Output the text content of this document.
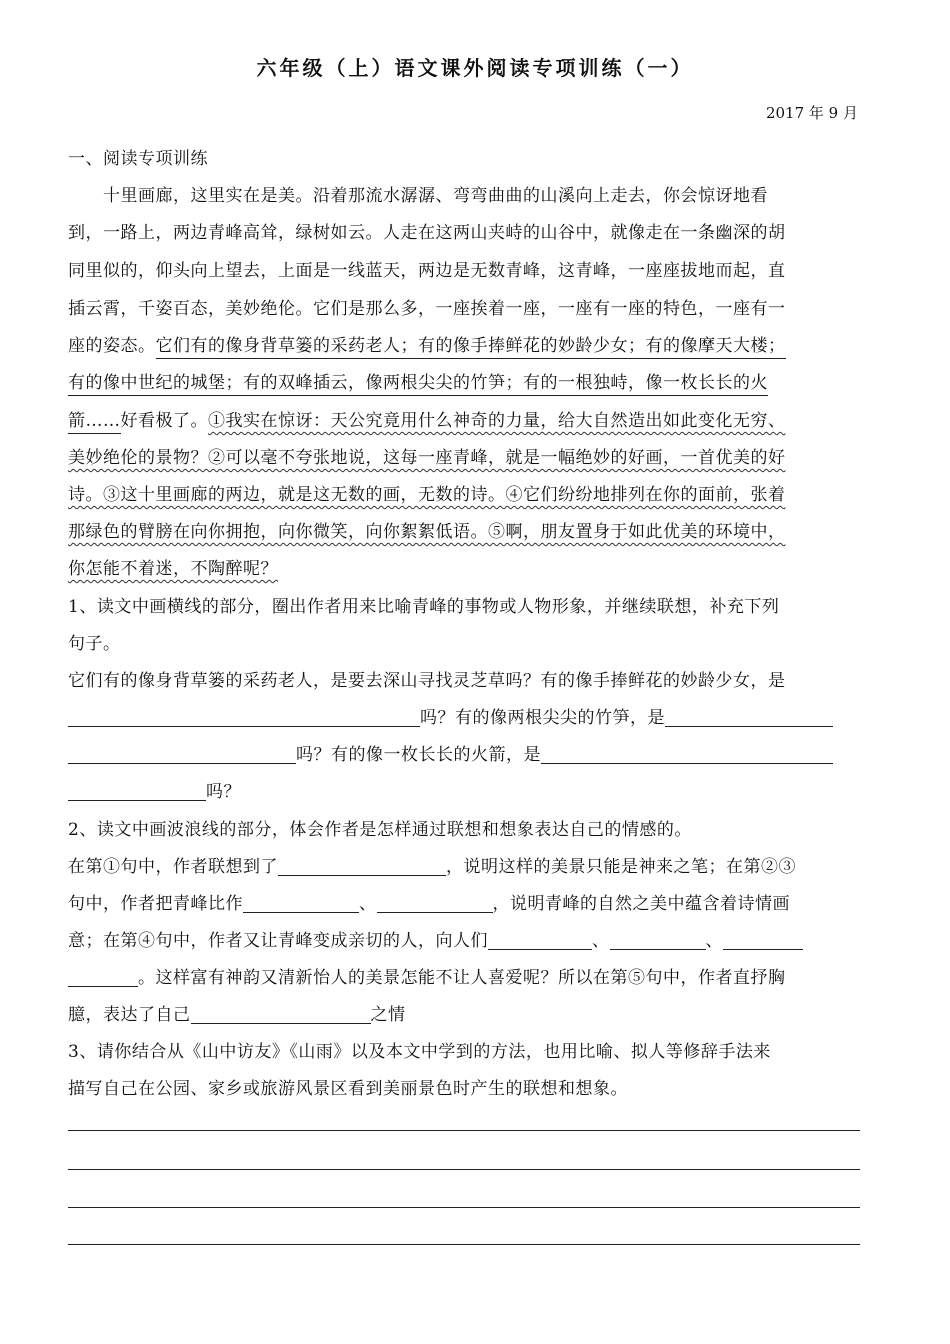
六年级（上）语文课外阅读专项训练（一）
2017 年 9 月
一、阅读专项训练
　　十里画廊，这里实在是美。沿着那流水潺潺、弯弯曲曲的山溪向上走去，你会惊讶地看
到，一路上，两边青峰高耸，绿树如云。人走在这两山夹峙的山谷中，就像走在一条幽深的胡
同里似的，仰头向上望去，上面是一线蓝天，两边是无数青峰，这青峰，一座座拔地而起，直
插云霄，千姿百态，美妙绝伦。它们是那么多，一座挨着一座，一座有一座的特色，一座有一
座的姿态。它们有的像身背草篓的采药老人；有的像手捧鲜花的妙龄少女；有的像摩天大楼；
有的像中世纪的城堡；有的双峰插云，像两根尖尖的竹笋；有的一根独峙，像一枚长长的火
箭……好看极了。①我实在惊讶：天公究竟用什么神奇的力量，给大自然造出如此变化无穷、
美妙绝伦的景物？②可以毫不夸张地说，这每一座青峰，就是一幅绝妙的好画，一首优美的好
诗。③这十里画廊的两边，就是这无数的画，无数的诗。④它们纷纷地排列在你的面前，张着
那绿色的臂膀在向你拥抱，向你微笑，向你絮絮低语。⑤啊，朋友置身于如此优美的环境中，
你怎能不着迷，不陶醉呢？
1、读文中画横线的部分，圈出作者用来比喻青峰的事物或人物形象，并继续联想，补充下列
句子。
它们有的像身背草篓的采药老人，是要去深山寻找灵芝草吗？有的像手捧鲜花的妙龄少女，是
吗？有的像两根尖尖的竹笋，是
吗？有的像一枚长长的火箭，是
吗？
2、读文中画波浪线的部分，体会作者是怎样通过联想和想象表达自己的情感的。
在第①句中，作者联想到了	，说明这样的美景只能是神来之笔；在第②③
句中，作者把青峰比作	、	，说明青峰的自然之美中蕴含着诗情画
意；在第④句中，作者又让青峰变成亲切的人，向人们	、	、
。这样富有神韵又清新怡人的美景怎能不让人喜爱呢？所以在第⑤句中，作者直抒胸
臆，表达了自己	之情
3、请你结合从《山中访友》《山雨》以及本文中学到的方法，也用比喻、拟人等修辞手法来
描写自己在公园、家乡或旅游风景区看到美丽景色时产生的联想和想象。
